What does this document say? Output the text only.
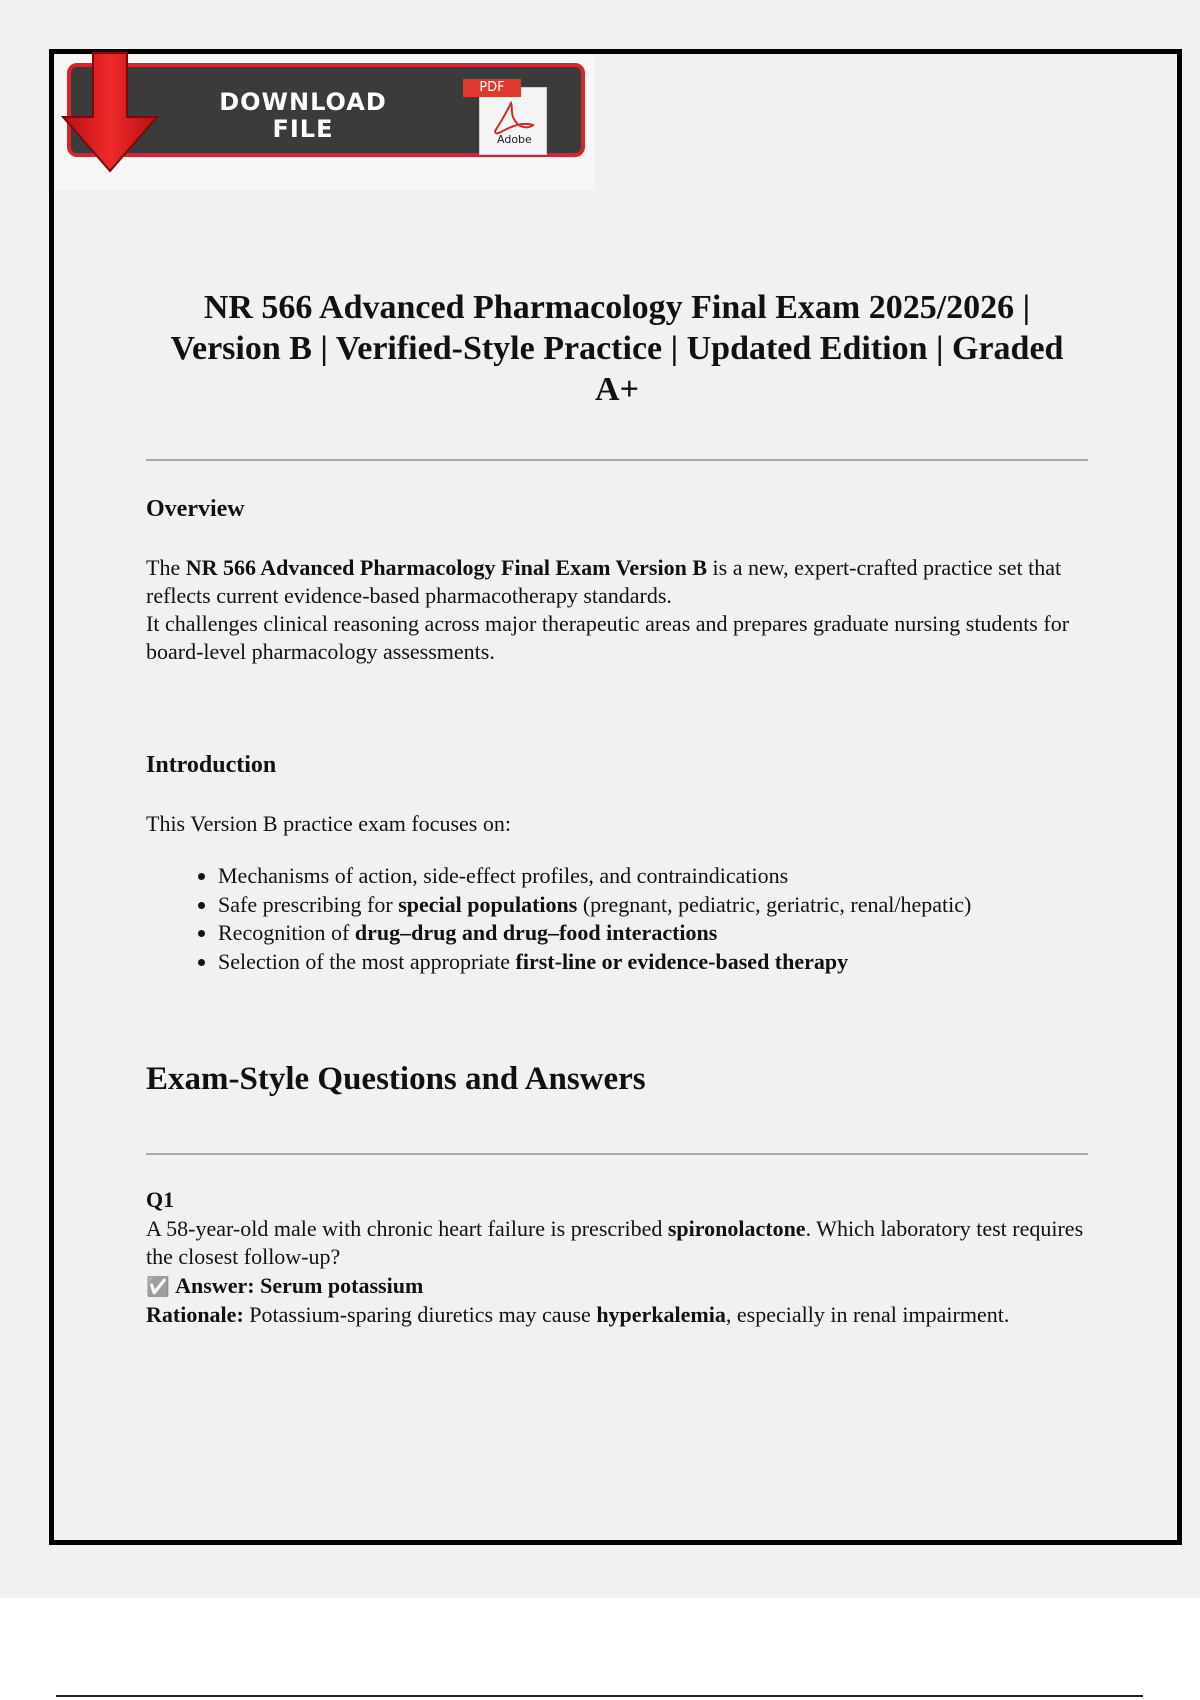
DOWNLOAD
FILE
PDF
Adobe
NR 566 Advanced Pharmacology Final Exam 2025/2026 | Version B | Verified-Style Practice | Updated Edition | Graded A+
Overview
The NR 566 Advanced Pharmacology Final Exam Version B is a new, expert-crafted practice set that reflects current evidence-based pharmacotherapy standards.
It challenges clinical reasoning across major therapeutic areas and prepares graduate nursing students for board-level pharmacology assessments.
Introduction
This Version B practice exam focuses on:
• Mechanisms of action, side-effect profiles, and contraindications
• Safe prescribing for special populations (pregnant, pediatric, geriatric, renal/hepatic)
• Recognition of drug–drug and drug–food interactions
• Selection of the most appropriate first-line or evidence-based therapy
Exam-Style Questions and Answers
Q1
A 58-year-old male with chronic heart failure is prescribed spironolactone. Which laboratory test requires the closest follow-up?
✅ Answer: Serum potassium
Rationale: Potassium-sparing diuretics may cause hyperkalemia, especially in renal impairment.
